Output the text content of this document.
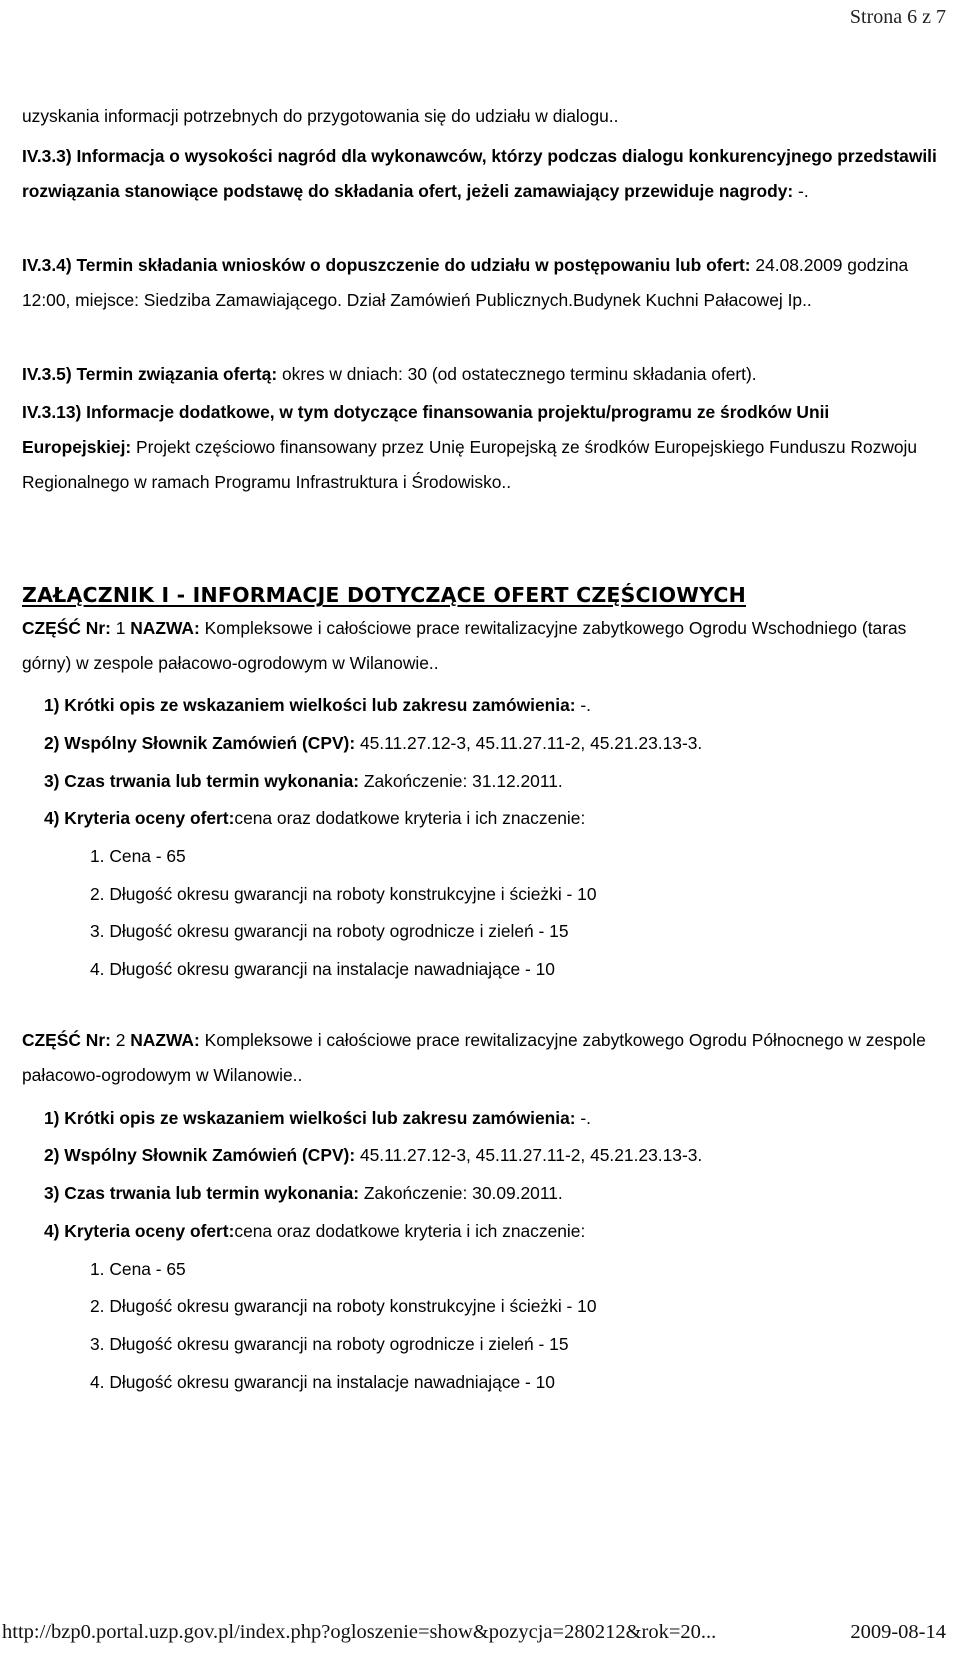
Strona 6 z 7

uzyskania informacji potrzebnych do przygotowania się do udziału w dialogu..

IV.3.3) Informacja o wysokości nagród dla wykonawców, którzy podczas dialogu konkurencyjnego przedstawili rozwiązania stanowiące podstawę do składania ofert, jeżeli zamawiający przewiduje nagrody: -.

IV.3.4) Termin składania wniosków o dopuszczenie do udziału w postępowaniu lub ofert: 24.08.2009 godzina 12:00, miejsce: Siedziba Zamawiającego. Dział Zamówień Publicznych.Budynek Kuchni Pałacowej Ip..

IV.3.5) Termin związania ofertą: okres w dniach: 30 (od ostatecznego terminu składania ofert).

IV.3.13) Informacje dodatkowe, w tym dotyczące finansowania projektu/programu ze środków Unii Europejskiej: Projekt częściowo finansowany przez Unię Europejską ze środków Europejskiego Funduszu Rozwoju Regionalnego w ramach Programu Infrastruktura i Środowisko..

ZAŁĄCZNIK I - INFORMACJE DOTYCZĄCE OFERT CZĘŚCIOWYCH

CZĘŚĆ Nr: 1 NAZWA: Kompleksowe i całościowe prace rewitalizacyjne zabytkowego Ogrodu Wschodniego (taras górny) w zespole pałacowo-ogrodowym w Wilanowie..

1) Krótki opis ze wskazaniem wielkości lub zakresu zamówienia: -.
2) Wspólny Słownik Zamówień (CPV): 45.11.27.12-3, 45.11.27.11-2, 45.21.23.13-3.
3) Czas trwania lub termin wykonania: Zakończenie: 31.12.2011.
4) Kryteria oceny ofert:cena oraz dodatkowe kryteria i ich znaczenie:
1. Cena - 65
2. Długość okresu gwarancji na roboty konstrukcyjne i ścieżki - 10
3. Długość okresu gwarancji na roboty ogrodnicze i zieleń - 15
4. Długość okresu gwarancji na instalacje nawadniające - 10

CZĘŚĆ Nr: 2 NAZWA: Kompleksowe i całościowe prace rewitalizacyjne zabytkowego Ogrodu Północnego w zespole pałacowo-ogrodowym w Wilanowie..

1) Krótki opis ze wskazaniem wielkości lub zakresu zamówienia: -.
2) Wspólny Słownik Zamówień (CPV): 45.11.27.12-3, 45.11.27.11-2, 45.21.23.13-3.
3) Czas trwania lub termin wykonania: Zakończenie: 30.09.2011.
4) Kryteria oceny ofert:cena oraz dodatkowe kryteria i ich znaczenie:
1. Cena - 65
2. Długość okresu gwarancji na roboty konstrukcyjne i ścieżki - 10
3. Długość okresu gwarancji na roboty ogrodnicze i zieleń - 15
4. Długość okresu gwarancji na instalacje nawadniające - 10
http://bzp0.portal.uzp.gov.pl/index.php?ogloszenie=show&pozycja=280212&rok=20...	2009-08-14
